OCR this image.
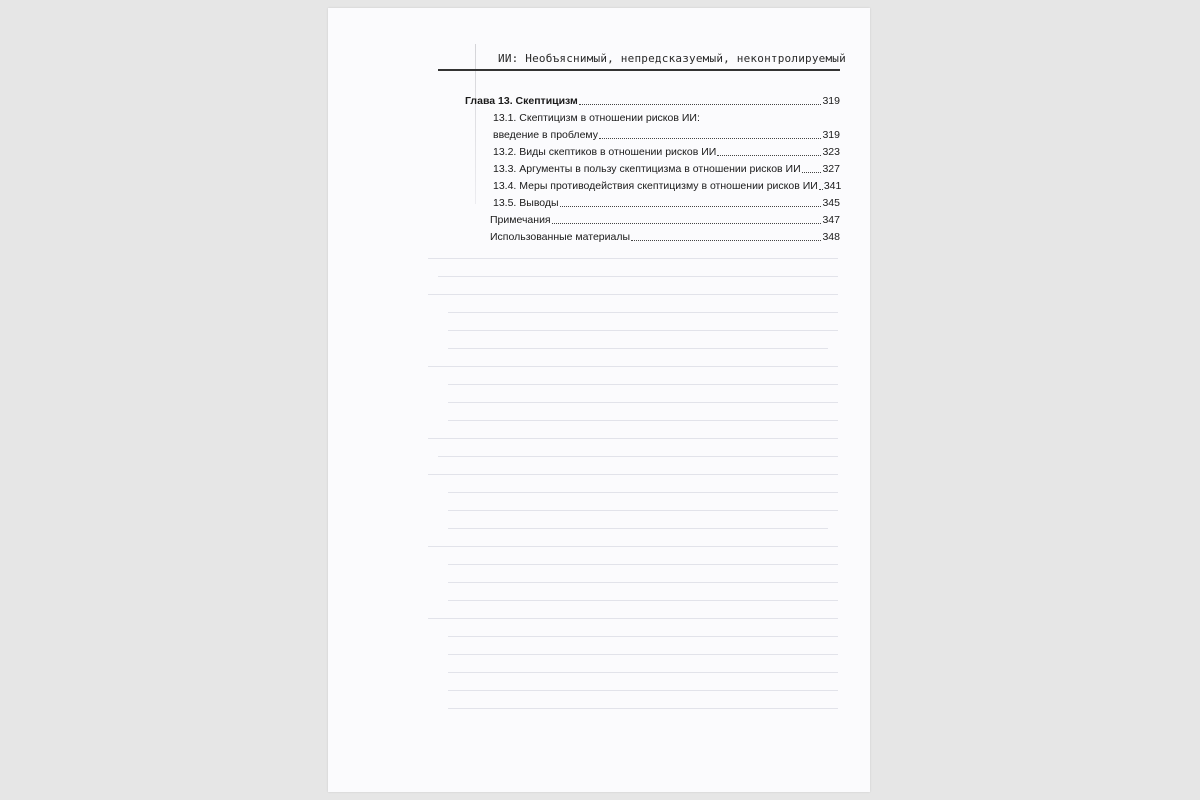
ИИ: Необъяснимый, непредсказуемый, неконтролируемый
Глава 13. Скептицизм	319
13.1. Скептицизм в отношении рисков ИИ:
введение в проблему	319
13.2. Виды скептиков в отношении рисков ИИ	323
13.3. Аргументы в пользу скептицизма в отношении рисков ИИ 327
13.4. Меры противодействия скептицизму в отношении рисков ИИ 341
13.5. Выводы	345
Примечания	347
Использованные материалы	348
